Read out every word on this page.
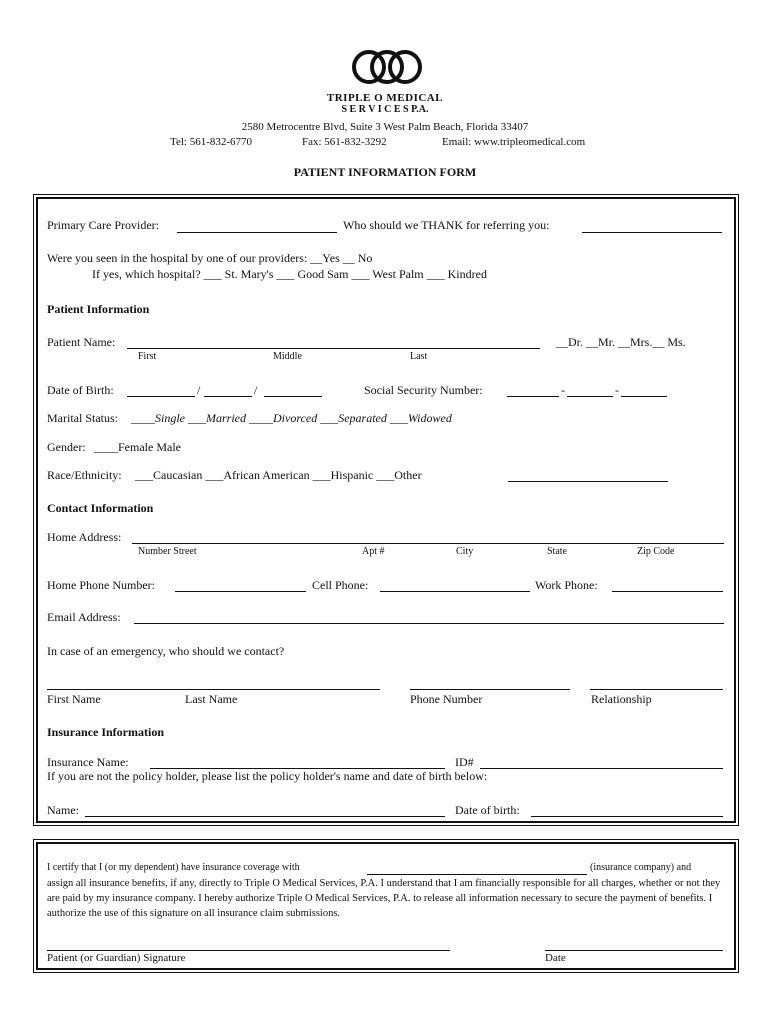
TRIPLE O MEDICAL
S E R V I C E S P.A.
2580 Metrocentre Blvd, Suite 3 West Palm Beach, Florida 33407
Tel: 561-832-6770	Fax: 561-832-3292	Email: www.tripleomedical.com
PATIENT INFORMATION FORM
Primary Care Provider:	Who should we THANK for referring you:
Were you seen in the hospital by one of our providers: __Yes __ No
If yes, which hospital? ___ St. Mary's ___ Good Sam ___ West Palm ___ Kindred
Patient Information
Patient Name:	__Dr. __Mr. __Mrs.__ Ms.
First	Middle	Last
Date of Birth:	/	/	Social Security Number:	-	-
Marital Status: ____Single ___Married ____Divorced ___Separated ___Widowed
Gender: ____Female Male
Race/Ethnicity: ___Caucasian ___African American ___Hispanic ___Other
Contact Information
Home Address:
Number Street	Apt #	City	State	Zip Code
Home Phone Number:	Cell Phone:	Work Phone:
Email Address:
In case of an emergency, who should we contact?
First Name	Last Name	Phone Number	Relationship
Insurance Information
Insurance Name:	ID#
If you are not the policy holder, please list the policy holder's name and date of birth below:
Name:	Date of birth:
I certify that I (or my dependent) have insurance coverage with	(insurance company) and
assign all insurance benefits, if any, directly to Triple O Medical Services, P.A. I understand that I am financially responsible for all charges, whether or not they are paid by my insurance company. I hereby authorize Triple O Medical Services, P.A. to release all information necessary to secure the payment of benefits. I authorize the use of this signature on all insurance claim submissions.
Patient (or Guardian) Signature	Date
